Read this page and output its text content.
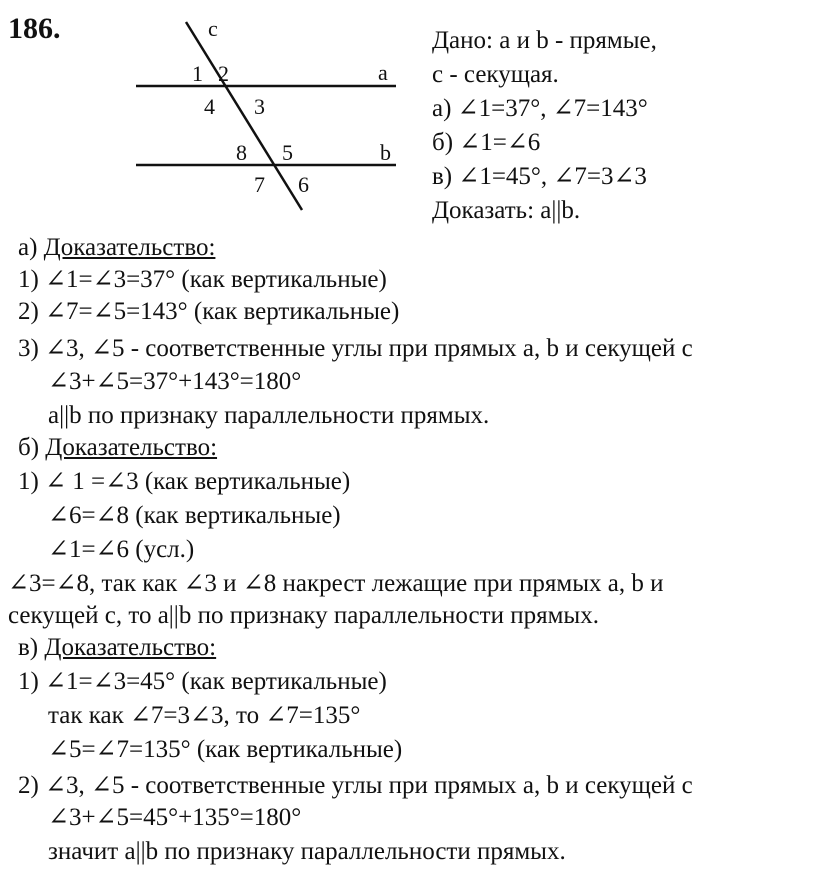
186.	c
a
b
1 2
3
4
5
6
7
8
Дано: a и b - прямые,
c - секущая.
а) ∠1=37°, ∠7=143°
б) ∠1=∠6
в) ∠1=45°, ∠7=3∠3
Доказать: a||b.
а) Доказательство:
1) ∠1=∠3=37° (как вертикальные)
2) ∠7=∠5=143° (как вертикальные)
3) ∠3, ∠5 - соответственные углы при прямых a, b и секущей c
∠3+∠5=37°+143°=180°
a||b по признаку параллельности прямых.
б) Доказательство:
1) ∠ 1 =∠3 (как вертикальные)
∠6=∠8 (как вертикальные)
∠1=∠6 (усл.)
∠3=∠8, так как ∠3 и ∠8 накрест лежащие при прямых a, b и
секущей c, то a||b по признаку параллельности прямых.
в) Доказательство:
1) ∠1=∠3=45° (как вертикальные)
так как ∠7=3∠3, то ∠7=135°
∠5=∠7=135° (как вертикальные)
2) ∠3, ∠5 - соответственные углы при прямых a, b и секущей c
∠3+∠5=45°+135°=180°
значит a||b по признаку параллельности прямых.
